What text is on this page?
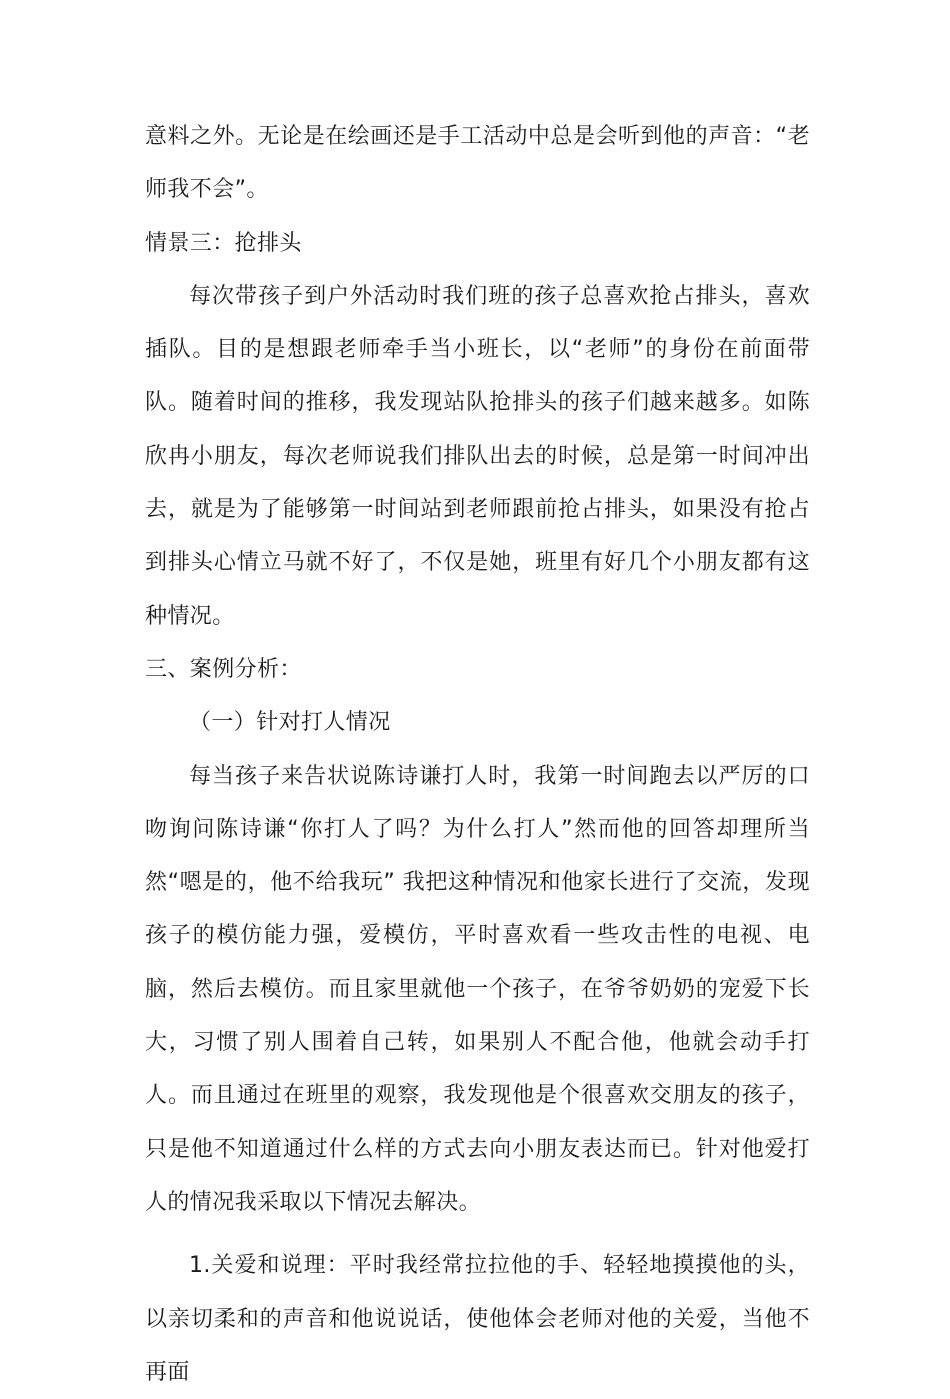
意料之外。无论是在绘画还是手工活动中总是会听到他的声音：“老师我不会”。

情景三：抢排头

每次带孩子到户外活动时我们班的孩子总喜欢抢占排头，喜欢插队。目的是想跟老师牵手当小班长，以“老师”的身份在前面带队。随着时间的推移，我发现站队抢排头的孩子们越来越多。如陈欣冉小朋友，每次老师说我们排队出去的时候，总是第一时间冲出去，就是为了能够第一时间站到老师跟前抢占排头，如果没有抢占到排头心情立马就不好了，不仅是她，班里有好几个小朋友都有这种情况。

三、案例分析：

（一）针对打人情况

每当孩子来告状说陈诗谦打人时，我第一时间跑去以严厉的口吻询问陈诗谦“你打人了吗？为什么打人”然而他的回答却理所当然“嗯是的，他不给我玩” 我把这种情况和他家长进行了交流，发现孩子的模仿能力强，爱模仿，平时喜欢看一些攻击性的电视、电脑，然后去模仿。而且家里就他一个孩子，在爷爷奶奶的宠爱下长大，习惯了别人围着自己转，如果别人不配合他，他就会动手打人。而且通过在班里的观察，我发现他是个很喜欢交朋友的孩子，只是他不知道通过什么样的方式去向小朋友表达而已。针对他爱打人的情况我采取以下情况去解决。

1.关爱和说理：平时我经常拉拉他的手、轻轻地摸摸他的头，以亲切柔和的声音和他说说话，使他体会老师对他的关爱，当他不再面
